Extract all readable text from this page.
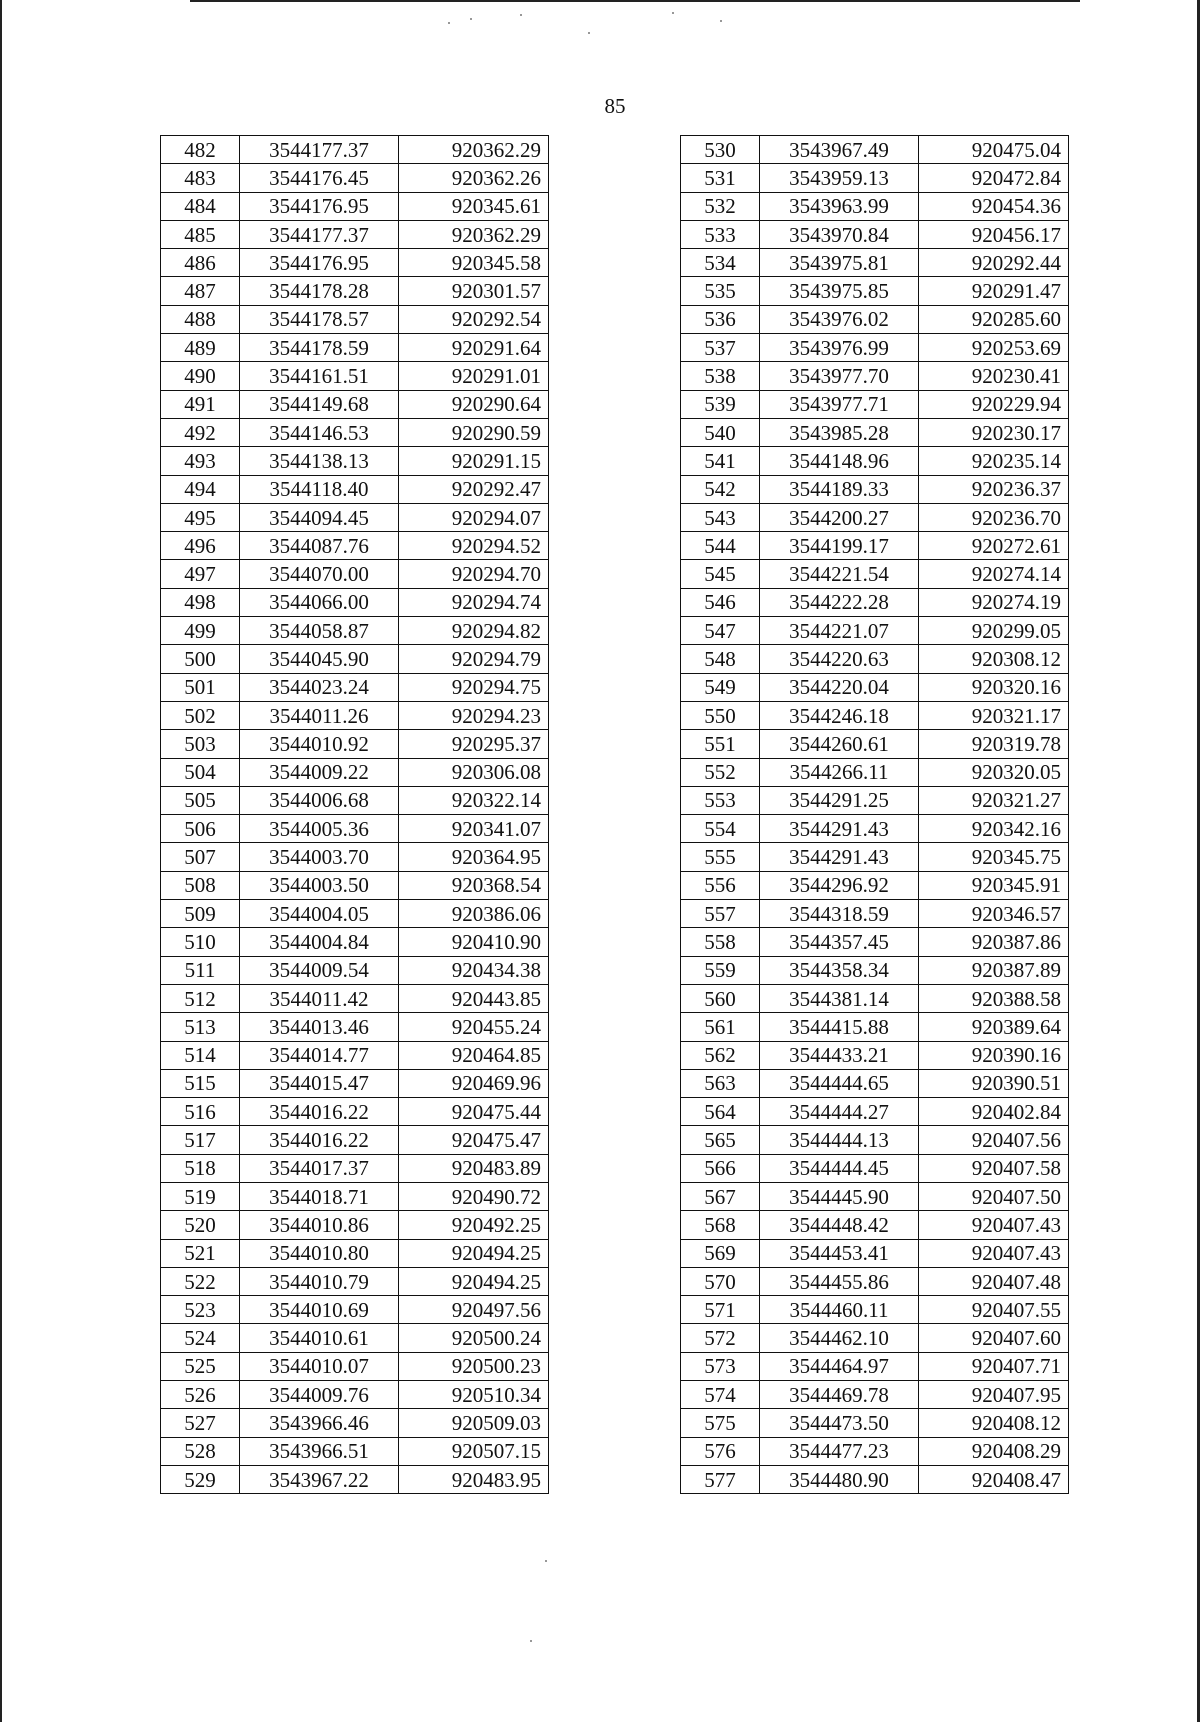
85
482	3544177.37	920362.29
483	3544176.45	920362.26
484	3544176.95	920345.61
485	3544177.37	920362.29
486	3544176.95	920345.58
487	3544178.28	920301.57
488	3544178.57	920292.54
489	3544178.59	920291.64
490	3544161.51	920291.01
491	3544149.68	920290.64
492	3544146.53	920290.59
493	3544138.13	920291.15
494	3544118.40	920292.47
495	3544094.45	920294.07
496	3544087.76	920294.52
497	3544070.00	920294.70
498	3544066.00	920294.74
499	3544058.87	920294.82
500	3544045.90	920294.79
501	3544023.24	920294.75
502	3544011.26	920294.23
503	3544010.92	920295.37
504	3544009.22	920306.08
505	3544006.68	920322.14
506	3544005.36	920341.07
507	3544003.70	920364.95
508	3544003.50	920368.54
509	3544004.05	920386.06
510	3544004.84	920410.90
511	3544009.54	920434.38
512	3544011.42	920443.85
513	3544013.46	920455.24
514	3544014.77	920464.85
515	3544015.47	920469.96
516	3544016.22	920475.44
517	3544016.22	920475.47
518	3544017.37	920483.89
519	3544018.71	920490.72
520	3544010.86	920492.25
521	3544010.80	920494.25
522	3544010.79	920494.25
523	3544010.69	920497.56
524	3544010.61	920500.24
525	3544010.07	920500.23
526	3544009.76	920510.34
527	3543966.46	920509.03
528	3543966.51	920507.15
529	3543967.22	920483.95
530	3543967.49	920475.04
531	3543959.13	920472.84
532	3543963.99	920454.36
533	3543970.84	920456.17
534	3543975.81	920292.44
535	3543975.85	920291.47
536	3543976.02	920285.60
537	3543976.99	920253.69
538	3543977.70	920230.41
539	3543977.71	920229.94
540	3543985.28	920230.17
541	3544148.96	920235.14
542	3544189.33	920236.37
543	3544200.27	920236.70
544	3544199.17	920272.61
545	3544221.54	920274.14
546	3544222.28	920274.19
547	3544221.07	920299.05
548	3544220.63	920308.12
549	3544220.04	920320.16
550	3544246.18	920321.17
551	3544260.61	920319.78
552	3544266.11	920320.05
553	3544291.25	920321.27
554	3544291.43	920342.16
555	3544291.43	920345.75
556	3544296.92	920345.91
557	3544318.59	920346.57
558	3544357.45	920387.86
559	3544358.34	920387.89
560	3544381.14	920388.58
561	3544415.88	920389.64
562	3544433.21	920390.16
563	3544444.65	920390.51
564	3544444.27	920402.84
565	3544444.13	920407.56
566	3544444.45	920407.58
567	3544445.90	920407.50
568	3544448.42	920407.43
569	3544453.41	920407.43
570	3544455.86	920407.48
571	3544460.11	920407.55
572	3544462.10	920407.60
573	3544464.97	920407.71
574	3544469.78	920407.95
575	3544473.50	920408.12
576	3544477.23	920408.29
577	3544480.90	920408.47
